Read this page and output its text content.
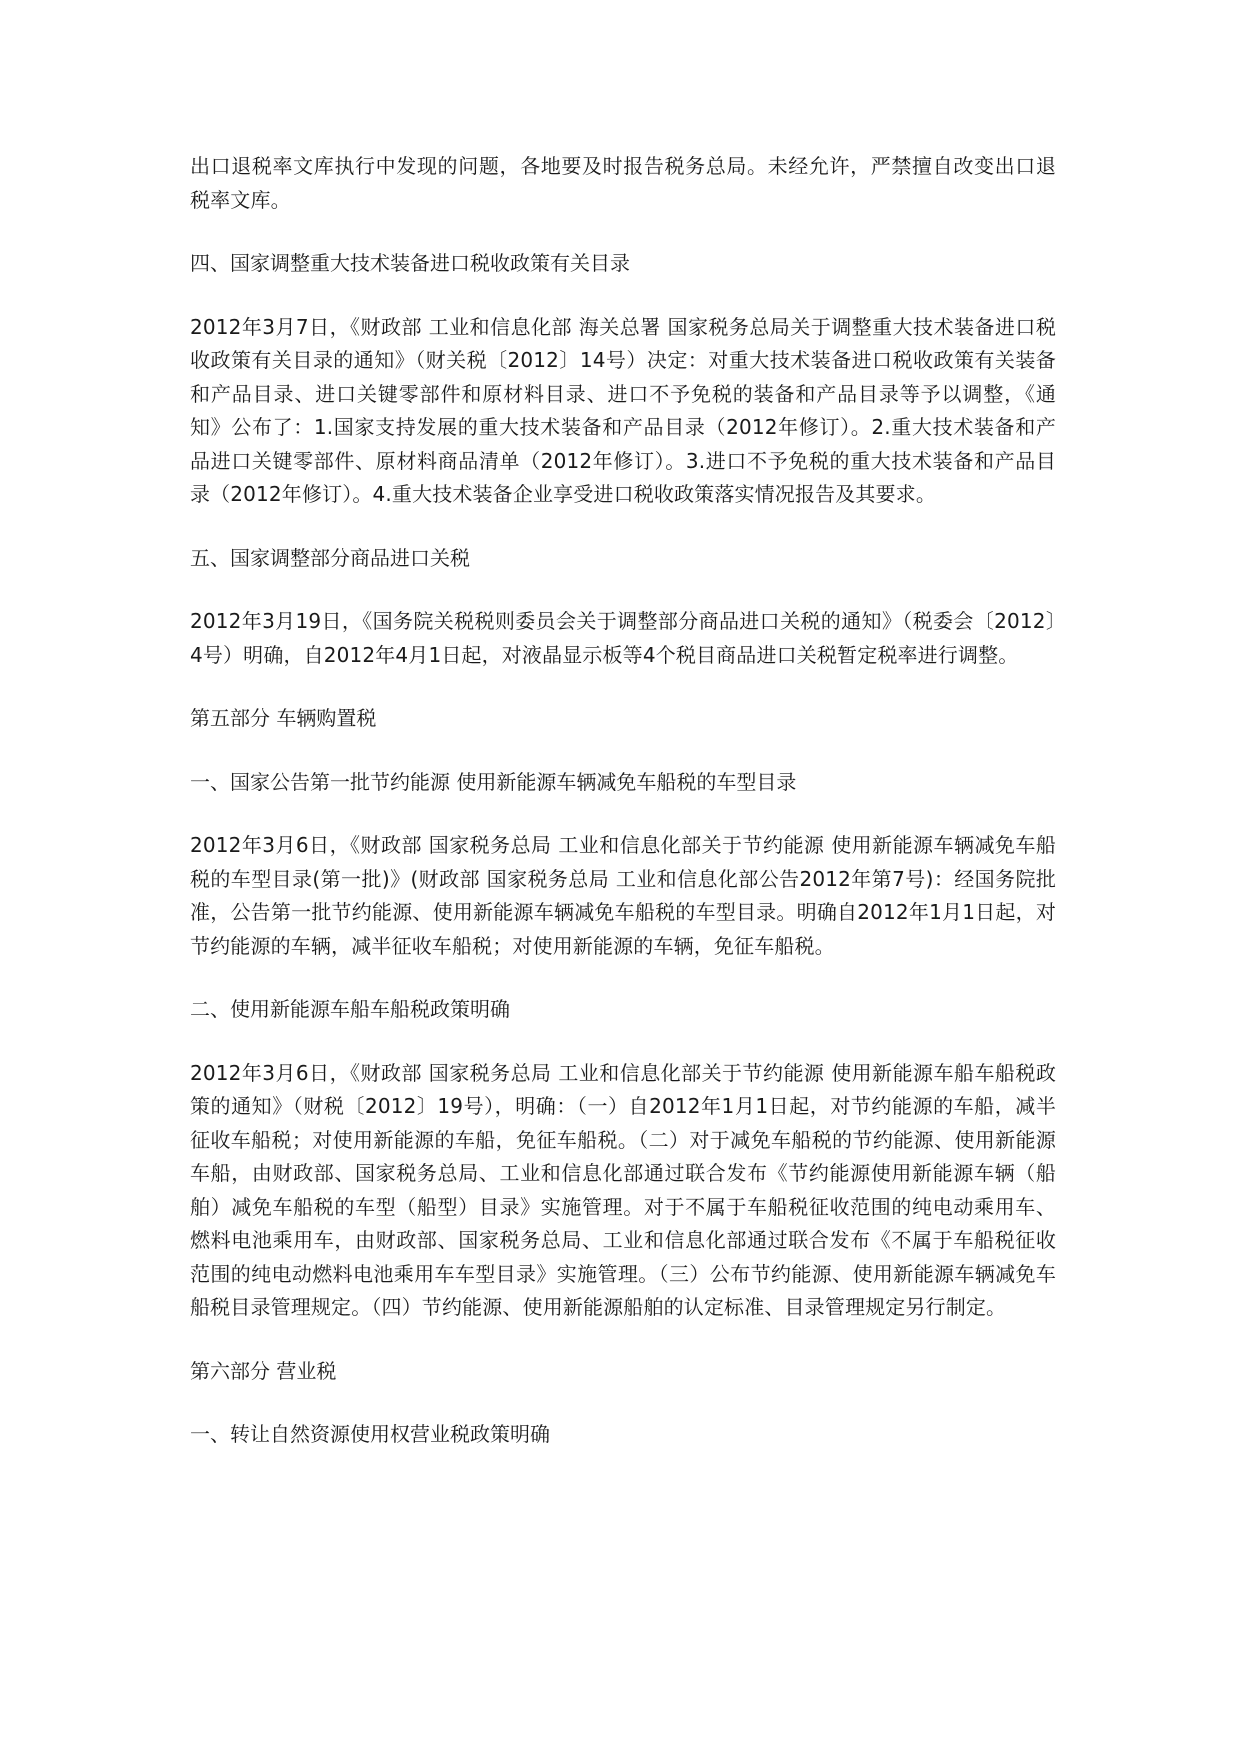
出口退税率文库执行中发现的问题，各地要及时报告税务总局。未经允许，严禁擅自改变出口退税率文库。

四、国家调整重大技术装备进口税收政策有关目录

2012年3月7日，《财政部 工业和信息化部 海关总署 国家税务总局关于调整重大技术装备进口税收政策有关目录的通知》（财关税〔2012〕14号）决定：对重大技术装备进口税收政策有关装备和产品目录、进口关键零部件和原材料目录、进口不予免税的装备和产品目录等予以调整，《通知》公布了：1.国家支持发展的重大技术装备和产品目录（2012年修订）。2.重大技术装备和产品进口关键零部件、原材料商品清单（2012年修订）。3.进口不予免税的重大技术装备和产品目录（2012年修订）。4.重大技术装备企业享受进口税收政策落实情况报告及其要求。

五、国家调整部分商品进口关税

2012年3月19日，《国务院关税税则委员会关于调整部分商品进口关税的通知》（税委会〔2012〕4号）明确，自2012年4月1日起，对液晶显示板等4个税目商品进口关税暂定税率进行调整。

第五部分 车辆购置税

一、国家公告第一批节约能源 使用新能源车辆减免车船税的车型目录

2012年3月6日，《财政部 国家税务总局 工业和信息化部关于节约能源 使用新能源车辆减免车船税的车型目录(第一批)》(财政部 国家税务总局 工业和信息化部公告2012年第7号)：经国务院批准，公告第一批节约能源、使用新能源车辆减免车船税的车型目录。明确自2012年1月1日起，对节约能源的车辆，减半征收车船税；对使用新能源的车辆，免征车船税。

二、使用新能源车船车船税政策明确

2012年3月6日，《财政部 国家税务总局 工业和信息化部关于节约能源 使用新能源车船车船税政策的通知》（财税〔2012〕19号），明确：（一）自2012年1月1日起，对节约能源的车船，减半征收车船税；对使用新能源的车船，免征车船税。（二）对于减免车船税的节约能源、使用新能源车船，由财政部、国家税务总局、工业和信息化部通过联合发布《节约能源使用新能源车辆（船舶）减免车船税的车型（船型）目录》实施管理。对于不属于车船税征收范围的纯电动乘用车、燃料电池乘用车，由财政部、国家税务总局、工业和信息化部通过联合发布《不属于车船税征收范围的纯电动燃料电池乘用车车型目录》实施管理。（三）公布节约能源、使用新能源车辆减免车船税目录管理规定。（四）节约能源、使用新能源船舶的认定标准、目录管理规定另行制定。

第六部分 营业税

一、转让自然资源使用权营业税政策明确
